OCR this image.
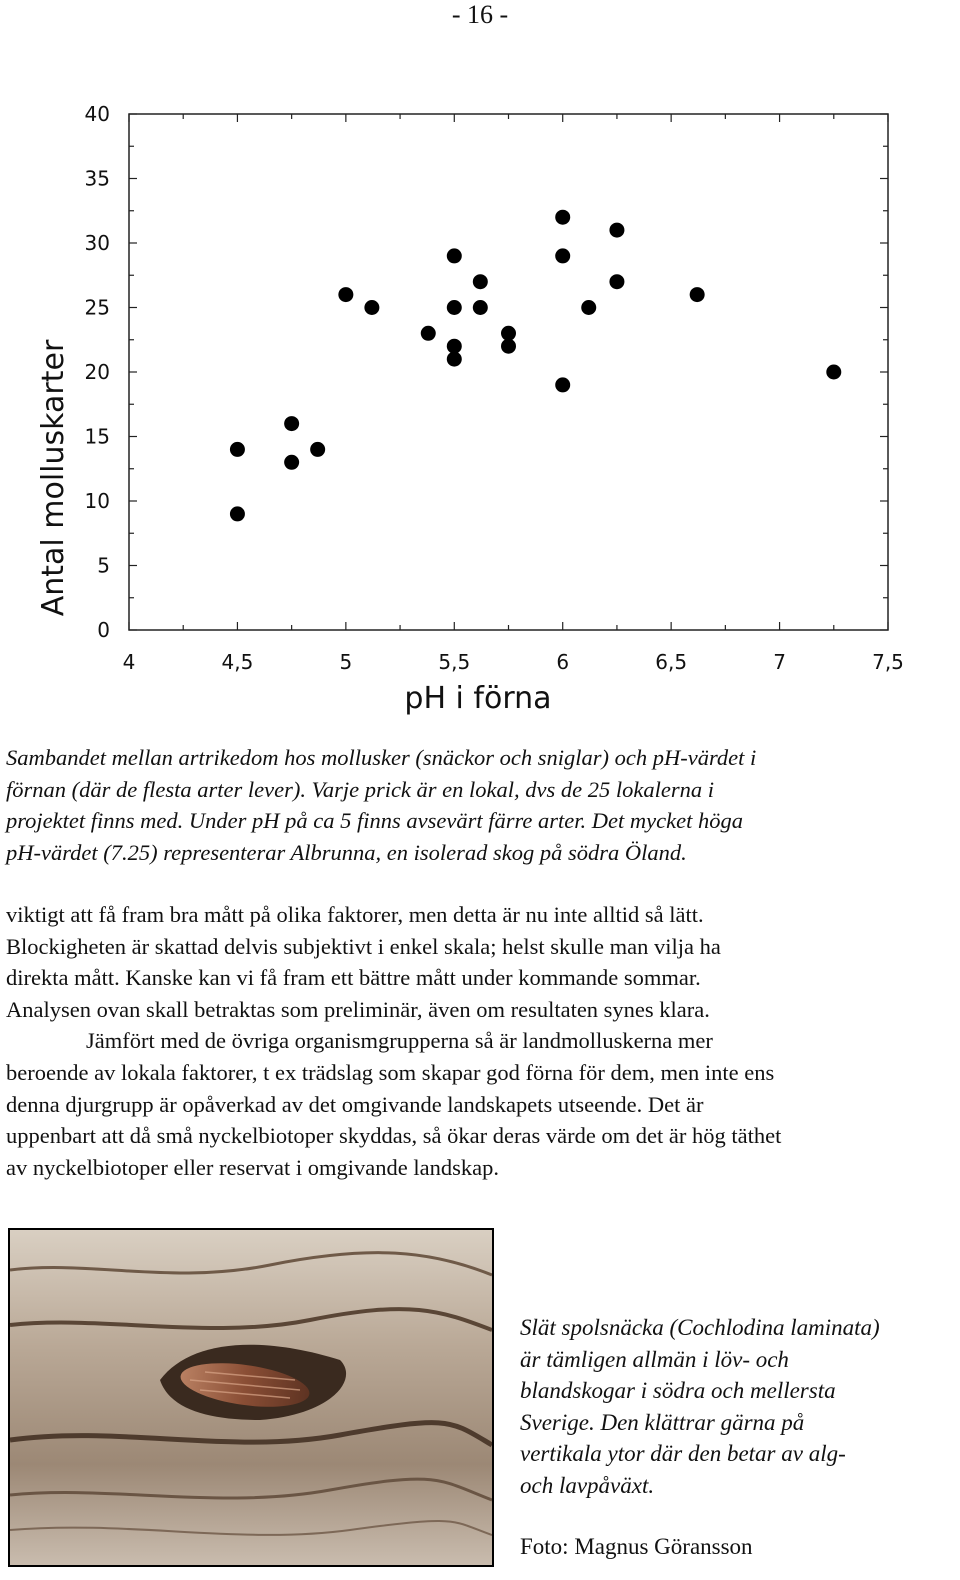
- 16 -
0
5
10
15
20
25
30
35
40
4	4,5	5	5,5	6	6,5	7	7,5
pH i förna
Antal molluskarter

Sambandet mellan artrikedom hos mollusker (snäckor och sniglar) och pH-värdet i

förnan (där de flesta arter lever). Varje prick är en lokal, dvs de 25 lokalerna i

projektet finns med. Under pH på ca 5 finns avsevärt färre arter. Det mycket höga

pH-värdet (7.25) representerar Albrunna, en isolerad skog på södra Öland.

viktigt att få fram bra mått på olika faktorer, men detta är nu inte alltid så lätt.

Blockigheten är skattad delvis subjektivt i enkel skala; helst skulle man vilja ha

direkta mått. Kanske kan vi få fram ett bättre mått under kommande sommar.

Analysen ovan skall betraktas som preliminär, även om resultaten synes klara.

Jämfört med de övriga organismgrupperna så är landmolluskerna mer

beroende av lokala faktorer, t ex trädslag som skapar god förna för dem, men inte ens

denna djurgrupp är opåverkad av det omgivande landskapets utseende. Det är

uppenbart att då små nyckelbiotoper skyddas, så ökar deras värde om det är hög täthet

av nyckelbiotoper eller reservat i omgivande landskap.

Slät spolsnäcka (Cochlodina laminata)

är tämligen allmän i löv- och

blandskogar i södra och mellersta

Sverige. Den klättrar gärna på

vertikala ytor där den betar av alg-

och lavpåväxt.

Foto: Magnus Göransson
